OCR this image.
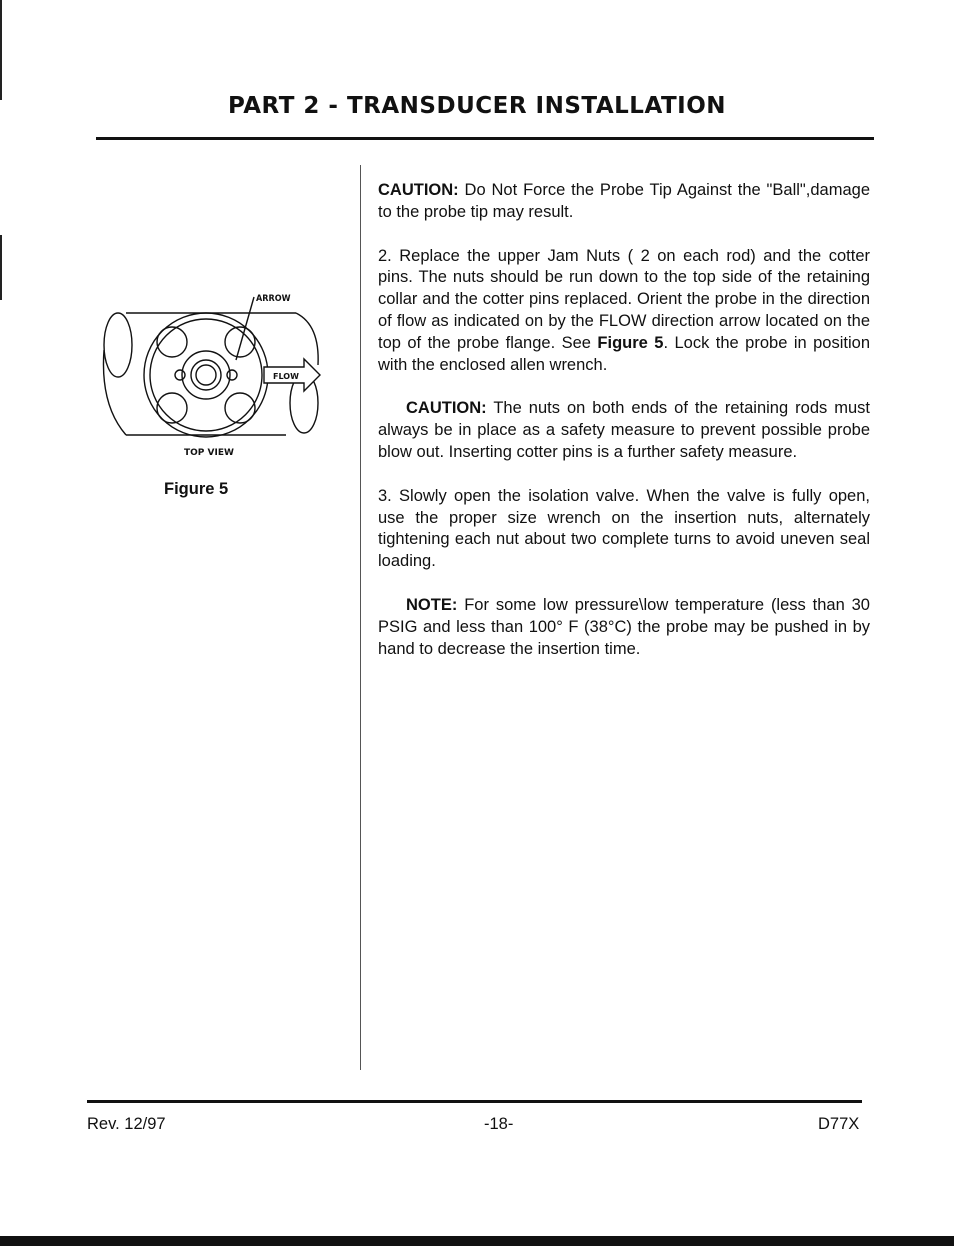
PART 2 - TRANSDUCER INSTALLATION
ARROW
FLOW
TOP VIEW
Figure 5

CAUTION: Do Not Force the Probe Tip Against the "Ball",damage to the probe tip may result.

2. Replace the upper Jam Nuts ( 2 on each rod) and the cotter pins. The nuts should be run down to the top side of the retaining collar and the cotter pins replaced. Orient the probe in the direction of flow as indicated on by the FLOW direction arrow located on the top of the probe flange. See Figure 5. Lock the probe in position with the enclosed allen wrench.

CAUTION: The nuts on both ends of the retaining rods must always be in place as a safety measure to prevent possible probe blow out. Inserting cotter pins is a further safety measure.

3. Slowly open the isolation valve. When the valve is fully open, use the proper size wrench on the insertion nuts, alternately tightening each nut about two complete turns to avoid uneven seal loading.

NOTE: For some low pressure\low temperature (less than 30 PSIG and less than 100° F (38°C) the probe may be pushed in by hand to decrease the insertion time.

Rev. 12/97	-18-	D77X
